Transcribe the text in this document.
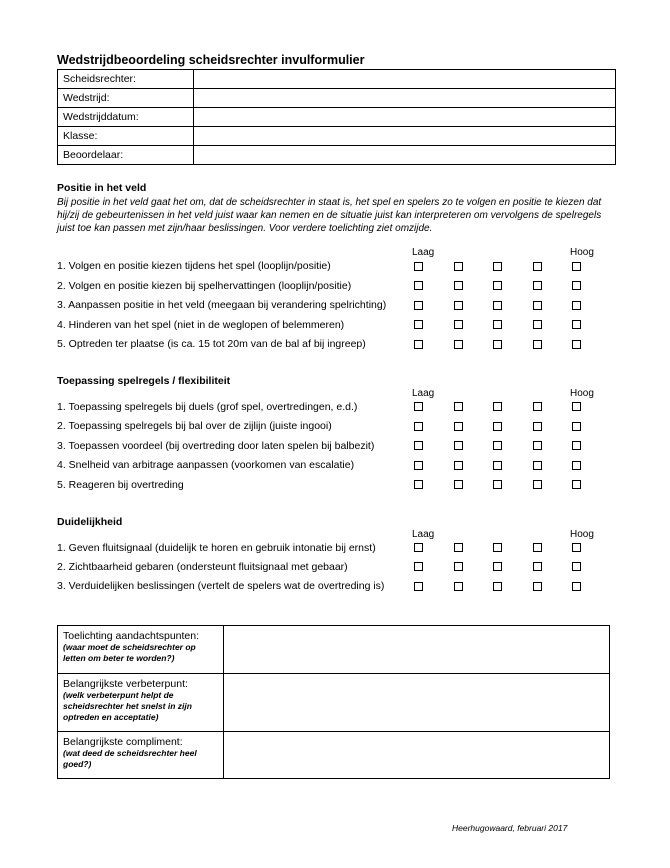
Wedstrijdbeoordeling scheidsrechter invulformulier
Scheidsrechter:	
Wedstrijd:	
Wedstrijddatum:	
Klasse:	
Beoordelaar:	
Positie in het veld
Bij positie in het veld gaat het om, dat de scheidsrechter in staat is, het spel en spelers zo te volgen en positie te kiezen dat hij/zij de gebeurtenissen in het veld juist waar kan nemen en de situatie juist kan interpreteren om vervolgens de spelregels juist toe kan passen met zijn/haar beslissingen. Voor verdere toelichting ziet omzijde.
Laag	Hoog
1. Volgen en positie kiezen tijdens het spel (looplijn/positie)
2. Volgen en positie kiezen bij spelhervattingen (looplijn/positie)
3. Aanpassen positie in het veld (meegaan bij verandering spelrichting)
4. Hinderen van het spel (niet in de weglopen of belemmeren)
5. Optreden ter plaatse (is ca. 15 tot 20m van de bal af bij ingreep)
Toepassing spelregels / flexibiliteit
Laag	Hoog
1. Toepassing spelregels bij duels (grof spel, overtredingen, e.d.)
2. Toepassing spelregels bij bal over de zijlijn (juiste ingooi)
3. Toepassen voordeel (bij overtreding door laten spelen bij balbezit)
4. Snelheid van arbitrage aanpassen (voorkomen van escalatie)
5. Reageren bij overtreding
Duidelijkheid
Laag	Hoog
1. Geven fluitsignaal (duidelijk te horen en gebruik intonatie bij ernst)
2. Zichtbaarheid gebaren (ondersteunt fluitsignaal met gebaar)
3. Verduidelijken beslissingen (vertelt de spelers wat de overtreding is)
Toelichting aandachtspunten:
(waar moet de scheidsrechter op letten om beter te worden?)	

Belangrijkste verbeterpunt:
(welk verbeterpunt helpt de scheidsrechter het snelst in zijn optreden en acceptatie)	

Belangrijkste compliment:
(wat deed de scheidsrechter heel goed?)	

Heerhugowaard, februari 2017
